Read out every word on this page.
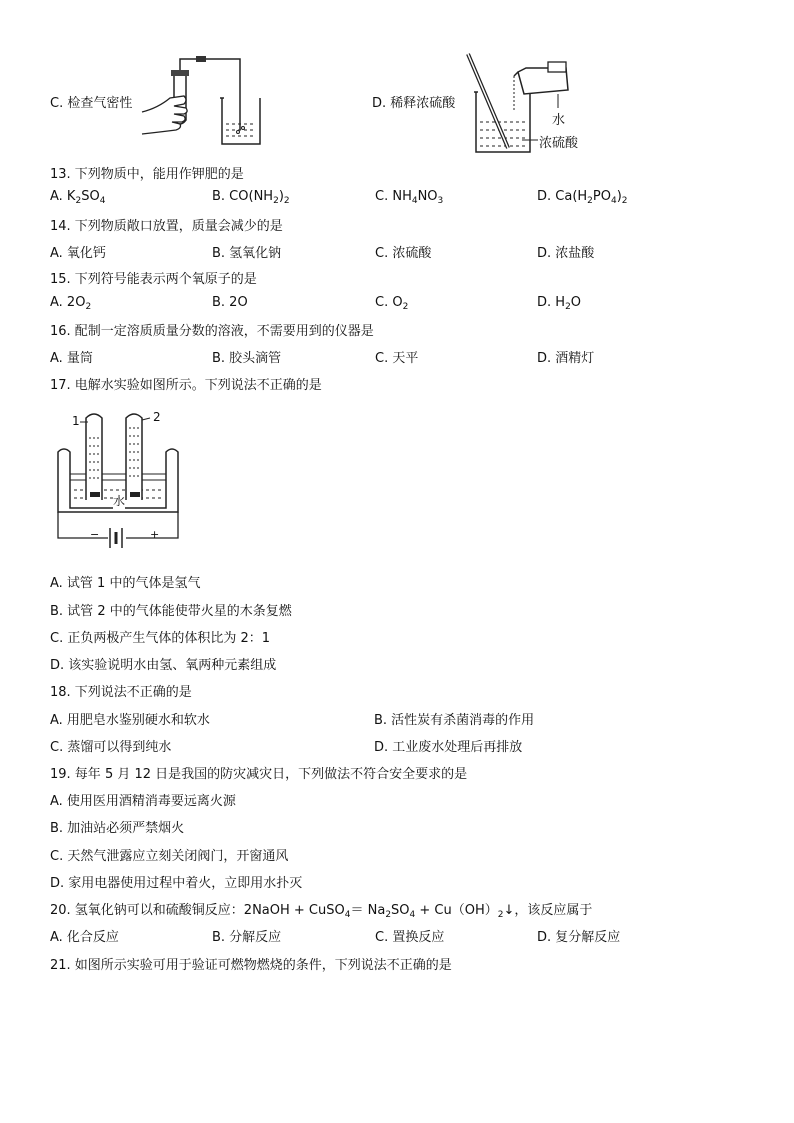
C. 检查气密性	D. 稀释浓硫酸
水
浓硫酸
13. 下列物质中，能用作钾肥的是
A. $K_2SO_4$	B. $CO(NH_2)_2$	C. $NH_4NO_3$	D. $Ca(H_2PO_4)_2$
14. 下列物质敞口放置，质量会减少的是
A. 氧化钙	B. 氢氧化钠	C. 浓硫酸	D. 浓盐酸
15. 下列符号能表示两个氧原子的是
A. $2O_2$	B. 2O	C. $O_2$	D. $H_2O$
16. 配制一定溶质质量分数的溶液，不需要用到的仪器是
A. 量筒	B. 胶头滴管	C. 天平	D. 酒精灯
17. 电解水实验如图所示。下列说法不正确的是
1	2
水
−	+
A. 试管 1 中的气体是氢气
B. 试管 2 中的气体能使带火星的木条复燃
C. 正负两极产生气体的体积比为 2：1
D. 该实验说明水由氢、氧两种元素组成
18. 下列说法不正确的是
A. 用肥皂水鉴别硬水和软水	B. 活性炭有杀菌消毒的作用
C. 蒸馏可以得到纯水	D. 工业废水处理后再排放
19. 每年 5 月 12 日是我国的防灾减灾日，下列做法不符合安全要求的是
A. 使用医用酒精消毒要远离火源
B. 加油站必须严禁烟火
C. 天然气泄露应立刻关闭阀门，开窗通风
D. 家用电器使用过程中着火，立即用水扑灭
20. 氢氧化钠可以和硫酸铜反应：2NaOH + CuSO$_4$＝ $Na_2SO_4$ + $Cu(OH)_2↓$，该反应属于
A. 化合反应	B. 分解反应	C. 置换反应	D. 复分解反应
21. 如图所示实验可用于验证可燃物燃烧的条件，下列说法不正确的是
